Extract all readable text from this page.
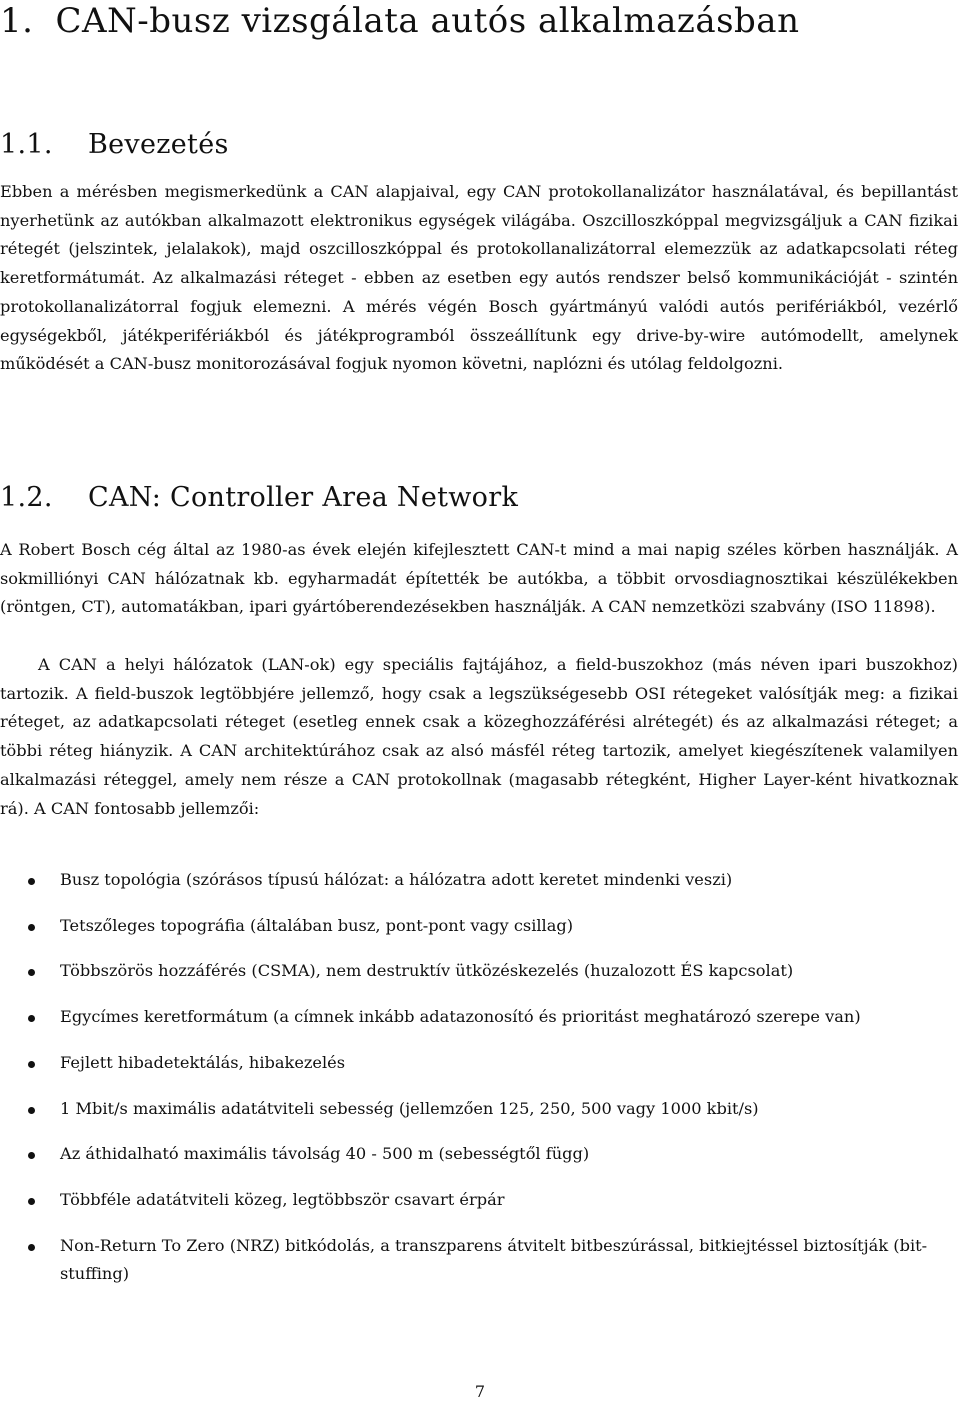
1. CAN-busz vizsgálata autós alkalmazásban
1.1. Bevezetés

Ebben a mérésben megismerkedünk a CAN alapjaival, egy CAN protokollanalizátor használatával, és bepillantást nyerhetünk az autókban alkalmazott elektronikus egységek világába. Oszcilloszkóppal megvizsgáljuk a CAN fizikai rétegét (jelszintek, jelalakok), majd oszcilloszkóppal és protokollanalizátorral elemezzük az adatkapcsolati réteg keretformátumát. Az alkalmazási réteget - ebben az esetben egy autós rendszer belső kommunikációját - szintén protokollanalizátorral fogjuk elemezni. A mérés végén Bosch gyártmányú valódi autós perifériákból, vezérlő egységekből, játékperifériákból és játékprogramból összeállítunk egy drive-by-wire autómodellt, amelynek működését a CAN-busz monitorozásával fogjuk nyomon követni, naplózni és utólag feldolgozni.

1.2. CAN: Controller Area Network

A Robert Bosch cég által az 1980-as évek elején kifejlesztett CAN-t mind a mai napig széles körben használják. A sokmilliónyi CAN hálózatnak kb. egyharmadát építették be autókba, a többit orvosdiagnosztikai készülékekben (röntgen, CT), automatákban, ipari gyártóberendezésekben használják. A CAN nemzetközi szabvány (ISO 11898).

A CAN a helyi hálózatok (LAN-ok) egy speciális fajtájához, a field-buszokhoz (más néven ipari buszokhoz) tartozik. A field-buszok legtöbbjére jellemző, hogy csak a legszükségesebb OSI rétegeket valósítják meg: a fizikai réteget, az adatkapcsolati réteget (esetleg ennek csak a közeghozzáférési alrétegét) és az alkalmazási réteget; a többi réteg hiányzik. A CAN architektúrához csak az alsó másfél réteg tartozik, amelyet kiegészítenek valamilyen alkalmazási réteggel, amely nem része a CAN protokollnak (magasabb rétegként, Higher Layer-ként hivatkoznak rá). A CAN fontosabb jellemzői:

Busz topológia (szórásos típusú hálózat: a hálózatra adott keretet mindenki veszi)
Tetszőleges topográfia (általában busz, pont-pont vagy csillag)
Többszörös hozzáférés (CSMA), nem destruktív ütközéskezelés (huzalozott ÉS kapcsolat)
Egycímes keretformátum (a címnek inkább adatazonosító és prioritást meghatározó szerepe van)
Fejlett hibadetektálás, hibakezelés
1 Mbit/s maximális adatátviteli sebesség (jellemzően 125, 250, 500 vagy 1000 kbit/s)
Az áthidalható maximális távolság 40 - 500 m (sebességtől függ)
Többféle adatátviteli közeg, legtöbbször csavart érpár
Non-Return To Zero (NRZ) bitkódolás, a transzparens átvitelt bitbeszúrással, bitkiejtéssel biztosítják (bit-stuffing)
7
